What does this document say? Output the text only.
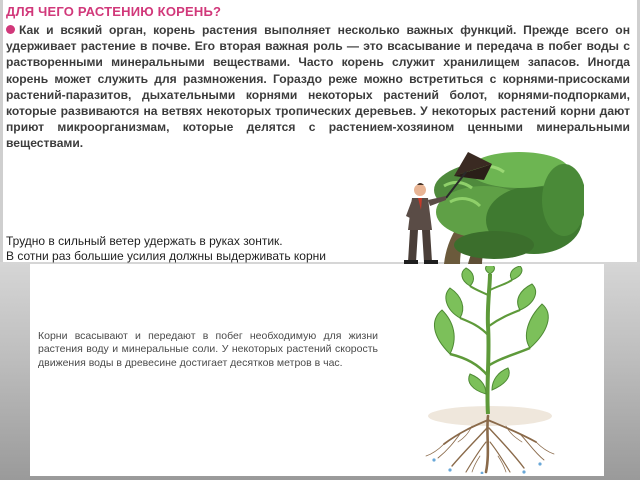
ДЛЯ ЧЕГО РАСТЕНИЮ КОРЕНЬ?

Как и всякий орган, корень растения выполняет несколько важных функций. Прежде всего он удерживает растение в почве. Его вторая важная роль — это всасывание и передача в побег воды с растворенными минеральными веществами. Часто корень служит хранилищем запасов. Иногда корень может служить для размножения. Гораздо реже можно встретиться с корнями-присосками растений-паразитов, дыхательными корнями некоторых растений болот, корнями-подпорками, которые развиваются на ветвях некоторых тропических деревьев. У некоторых растений корни дают приют микроорганизмам, которые делятся с растением-хозяином ценными минеральными веществами.

Трудно в сильный ветер удержать в руках зонтик.
В сотни раз большие усилия должны выдерживать корни
Корни всасывают и передают в побег необходимую для жизни растения воду и минеральные соли. У некоторых растений скорость движения воды в древесине достигает десятков метров в час.
